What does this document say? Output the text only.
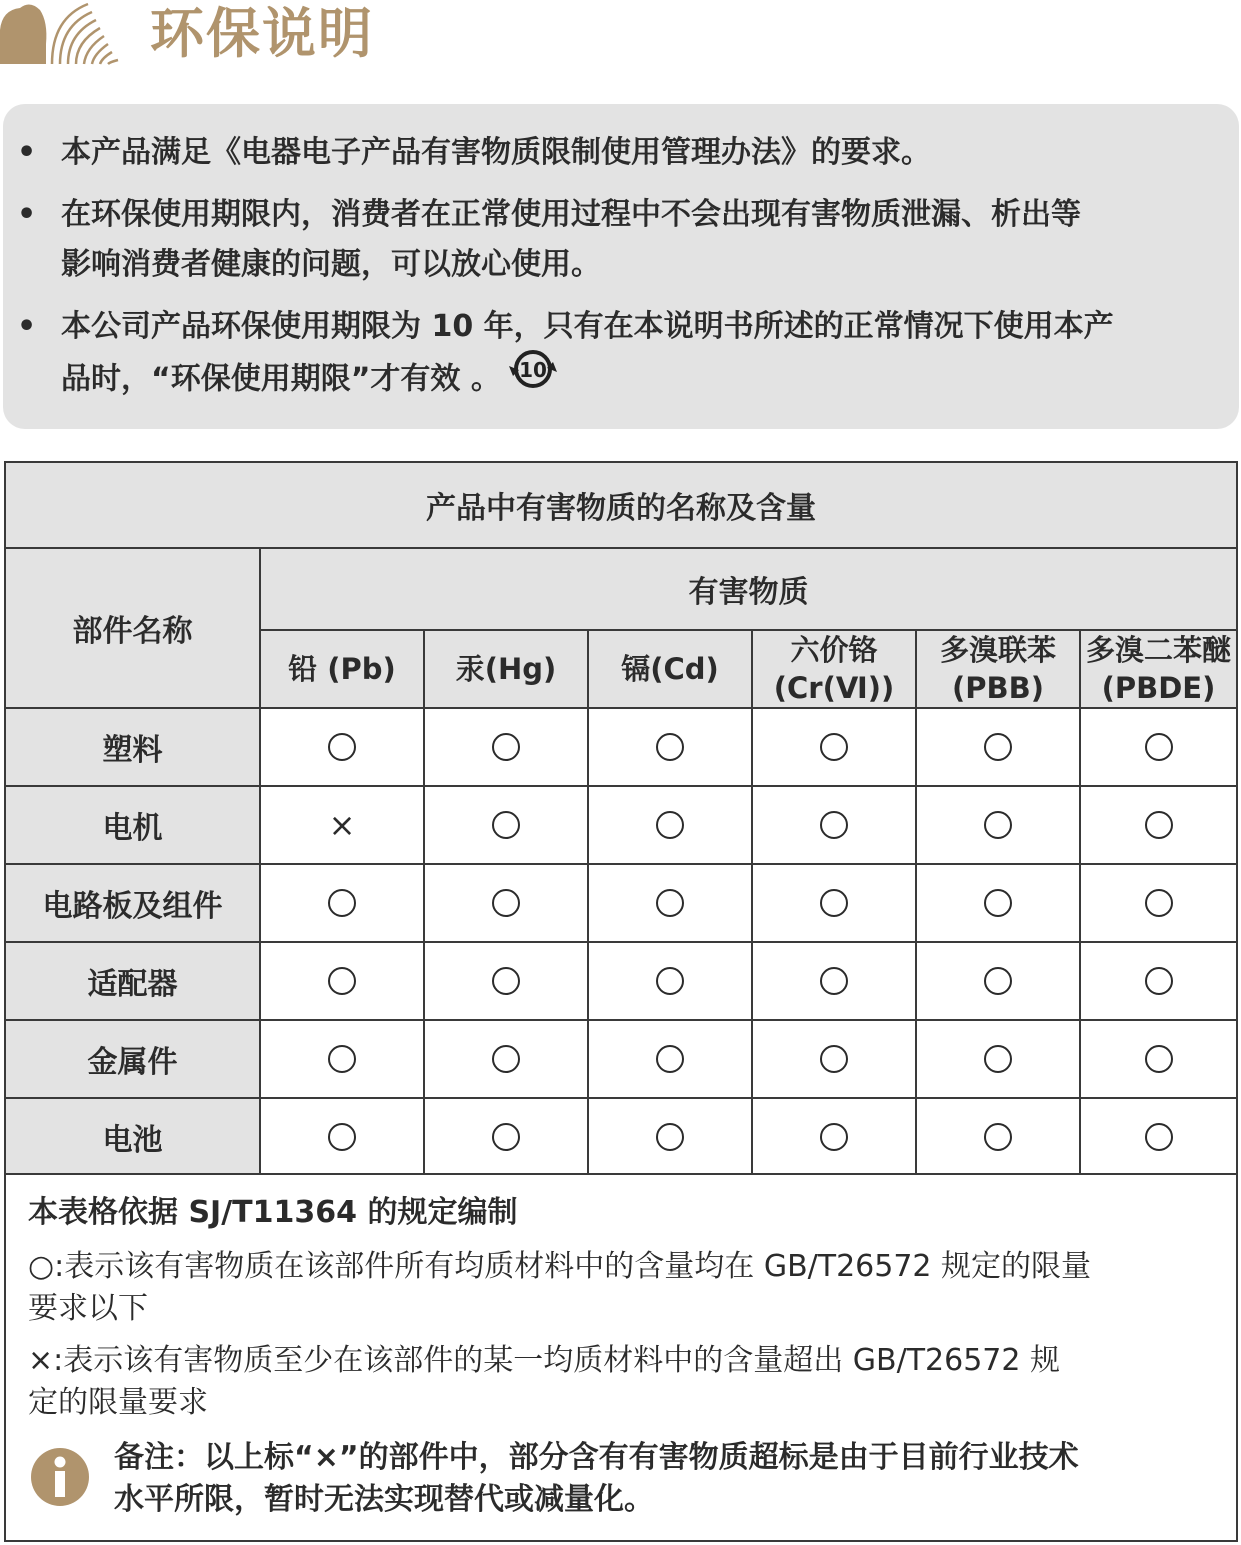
环保说明
• 本产品满足《电器电子产品有害物质限制使用管理办法》的要求。
• 在环保使用期限内，消费者在正常使用过程中不会出现有害物质泄漏、析出等
影响消费者健康的问题，可以放心使用。
• 本公司产品环保使用期限为 10 年，只有在本说明书所述的正常情况下使用本产
品时，“环保使用期限”才有效 。 10
产品中有害物质的名称及含量
部件名称
有害物质
铅 (Pb) 汞(Hg) 镉(Cd)
六价铬
(Cr(Ⅵ))
多溴联苯
(PBB)
多溴二苯醚
(PBDE)
塑料
电机	×
电路板及组件
适配器
金属件
电池
本表格依据 SJ/T11364 的规定编制
○:表示该有害物质在该部件所有均质材料中的含量均在 GB/T26572 规定的限量
要求以下
×:表示该有害物质至少在该部件的某一均质材料中的含量超出 GB/T26572 规
定的限量要求
备注：以上标“×”的部件中，部分含有有害物质超标是由于目前行业技术
水平所限，暂时无法实现替代或减量化。
